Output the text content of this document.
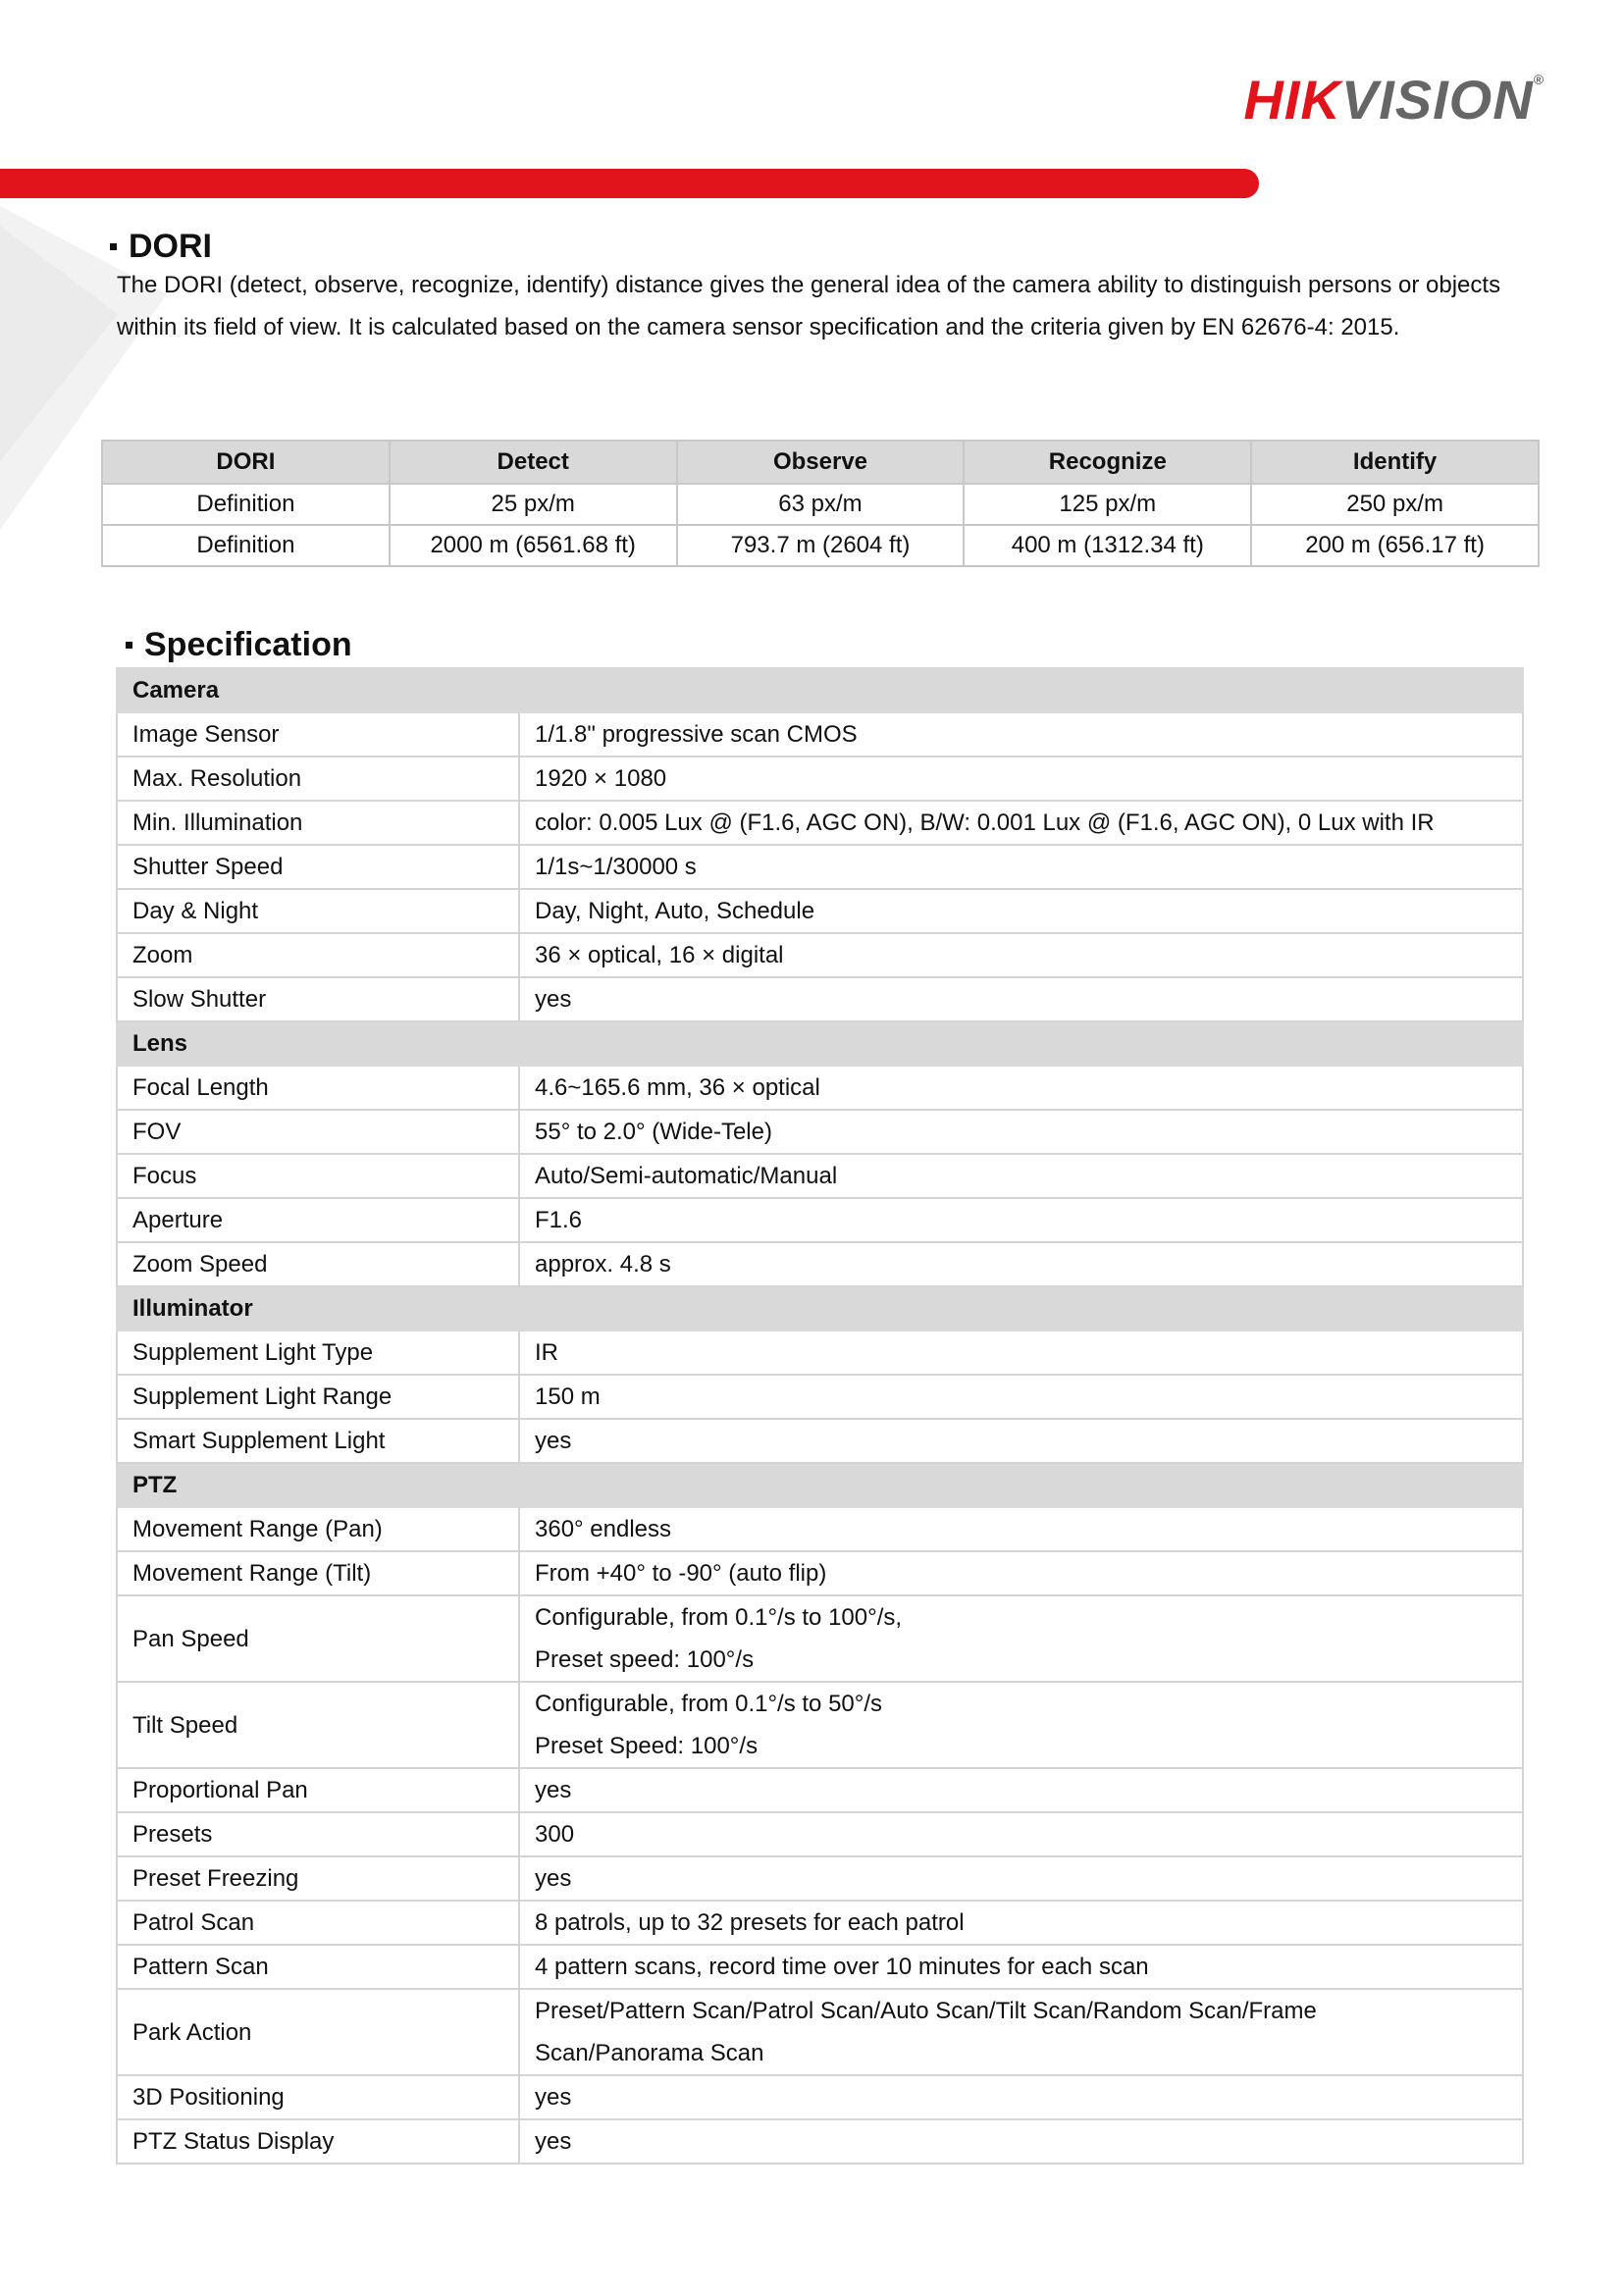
HIKVISION®
DORI
The DORI (detect, observe, recognize, identify) distance gives the general idea of the camera ability to distinguish persons or objects within its field of view. It is calculated based on the camera sensor specification and the criteria given by EN 62676-4: 2015.
DORI	Detect	Observe	Recognize	Identify
Definition	25 px/m	63 px/m	125 px/m	250 px/m
Definition	2000 m (6561.68 ft)	793.7 m (2604 ft)	400 m (1312.34 ft)	200 m (656.17 ft)
Specification
Camera	
Image Sensor	1/1.8" progressive scan CMOS

Max. Resolution	1920 × 1080

Min. Illumination	color: 0.005 Lux @ (F1.6, AGC ON), B/W: 0.001 Lux @ (F1.6, AGC ON), 0 Lux with IR

Shutter Speed	1/1s~1/30000 s

Day & Night	Day, Night, Auto, Schedule

Zoom	36 × optical, 16 × digital

Slow Shutter	yes

Lens	
Focal Length	4.6~165.6 mm, 36 × optical

FOV	55° to 2.0° (Wide-Tele)

Focus	Auto/Semi-automatic/Manual

Aperture	F1.6

Zoom Speed	approx. 4.8 s

Illuminator	
Supplement Light Type	IR

Supplement Light Range	150 m

Smart Supplement Light	yes

PTZ	
Movement Range (Pan)	360° endless

Movement Range (Tilt)	From +40° to -90° (auto flip)

Pan Speed	Configurable, from 0.1°/s to 100°/s,
Preset speed: 100°/s

Tilt Speed	Configurable, from 0.1°/s to 50°/s
Preset Speed: 100°/s

Proportional Pan	yes

Presets	300

Preset Freezing	yes

Patrol Scan	8 patrols, up to 32 presets for each patrol

Pattern Scan	4 pattern scans, record time over 10 minutes for each scan

Park Action	Preset/Pattern Scan/Patrol Scan/Auto Scan/Tilt Scan/Random Scan/Frame
Scan/Panorama Scan

3D Positioning	yes

PTZ Status Display	yes
